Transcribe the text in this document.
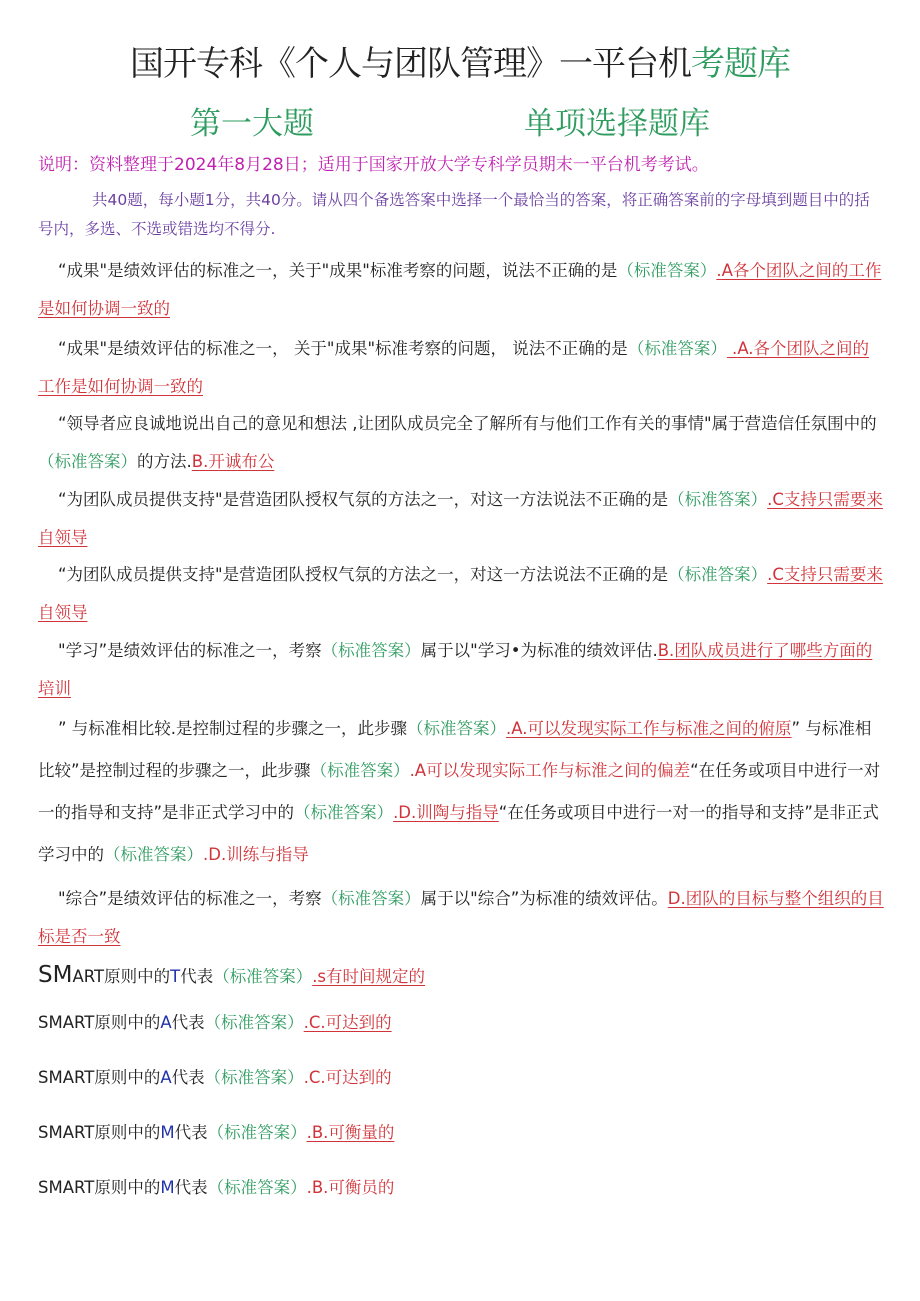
国开专科《个人与团队管理》一平台机考题库
第一大题	单项选择题库
说明：资料整理于2024年8月28日；适用于国家开放大学专科学员期末一平台机考考试。
共40题，每小题1分，共40分。请从四个备选答案中选择一个最恰当的答案，将正确答案前的字母填到题目中的括号内，多选、不选或错选均不得分.
“成果"是绩效评估的标准之一，关于"成果"标准考察的问题，说法不正确的是（标准答案）.A各个团队之间的工作是如何协调一致的
“成果"是绩效评估的标准之一， 关于"成果"标准考察的问题， 说法不正确的是（标准答案） .A.各个团队之间的工作是如何协调一致的
“领导者应良诚地说出自己的意见和想法 ,让团队成员完全了解所有与他们工作有关的事情"属于营造信任氛围中的（标准答案）的方法.B.开诚布公
“为团队成员提供支持"是营造团队授权气氛的方法之一，对这一方法说法不正确的是（标准答案）.C支持只需要来自领导
“为团队成员提供支持"是营造团队授权气氛的方法之一，对这一方法说法不正确的是（标准答案）.C支持只需要来自领导
"学习”是绩效评估的标准之一，考察（标准答案）属于以"学习•为标准的绩效评估.B.团队成员进行了哪些方面的培训
” 与标准相比较.是控制过程的步骤之一，此步骤（标准答案）.A.可以发现实际工作与标准之间的俯原” 与标准相比较”是控制过程的步骤之一，此步骤（标准答案）.A可以发现实际工作与标淮之间的偏差“在任务或项目中进行一对一的指导和支持”是非正式学习中的（标准答案）.D.训陶与指导“在任务或项目中进行一对一的指导和支持”是非正式学习中的（标准答案）.D.训练与指导
"综合”是绩效评估的标准之一，考察（标准答案）属于以"综合”为标准的绩效评估。D.团队的目标与整个组织的目标是否一致
SMART原则中的T代表（标准答案）.s有时间规定的
SMART原则中的A代表（标准答案）.C.可达到的
SMART原则中的A代表（标准答案）.C.可达到的
SMART原则中的M代表（标准答案）.B.可衡量的
SMART原则中的M代表（标准答案）.B.可衡员的
